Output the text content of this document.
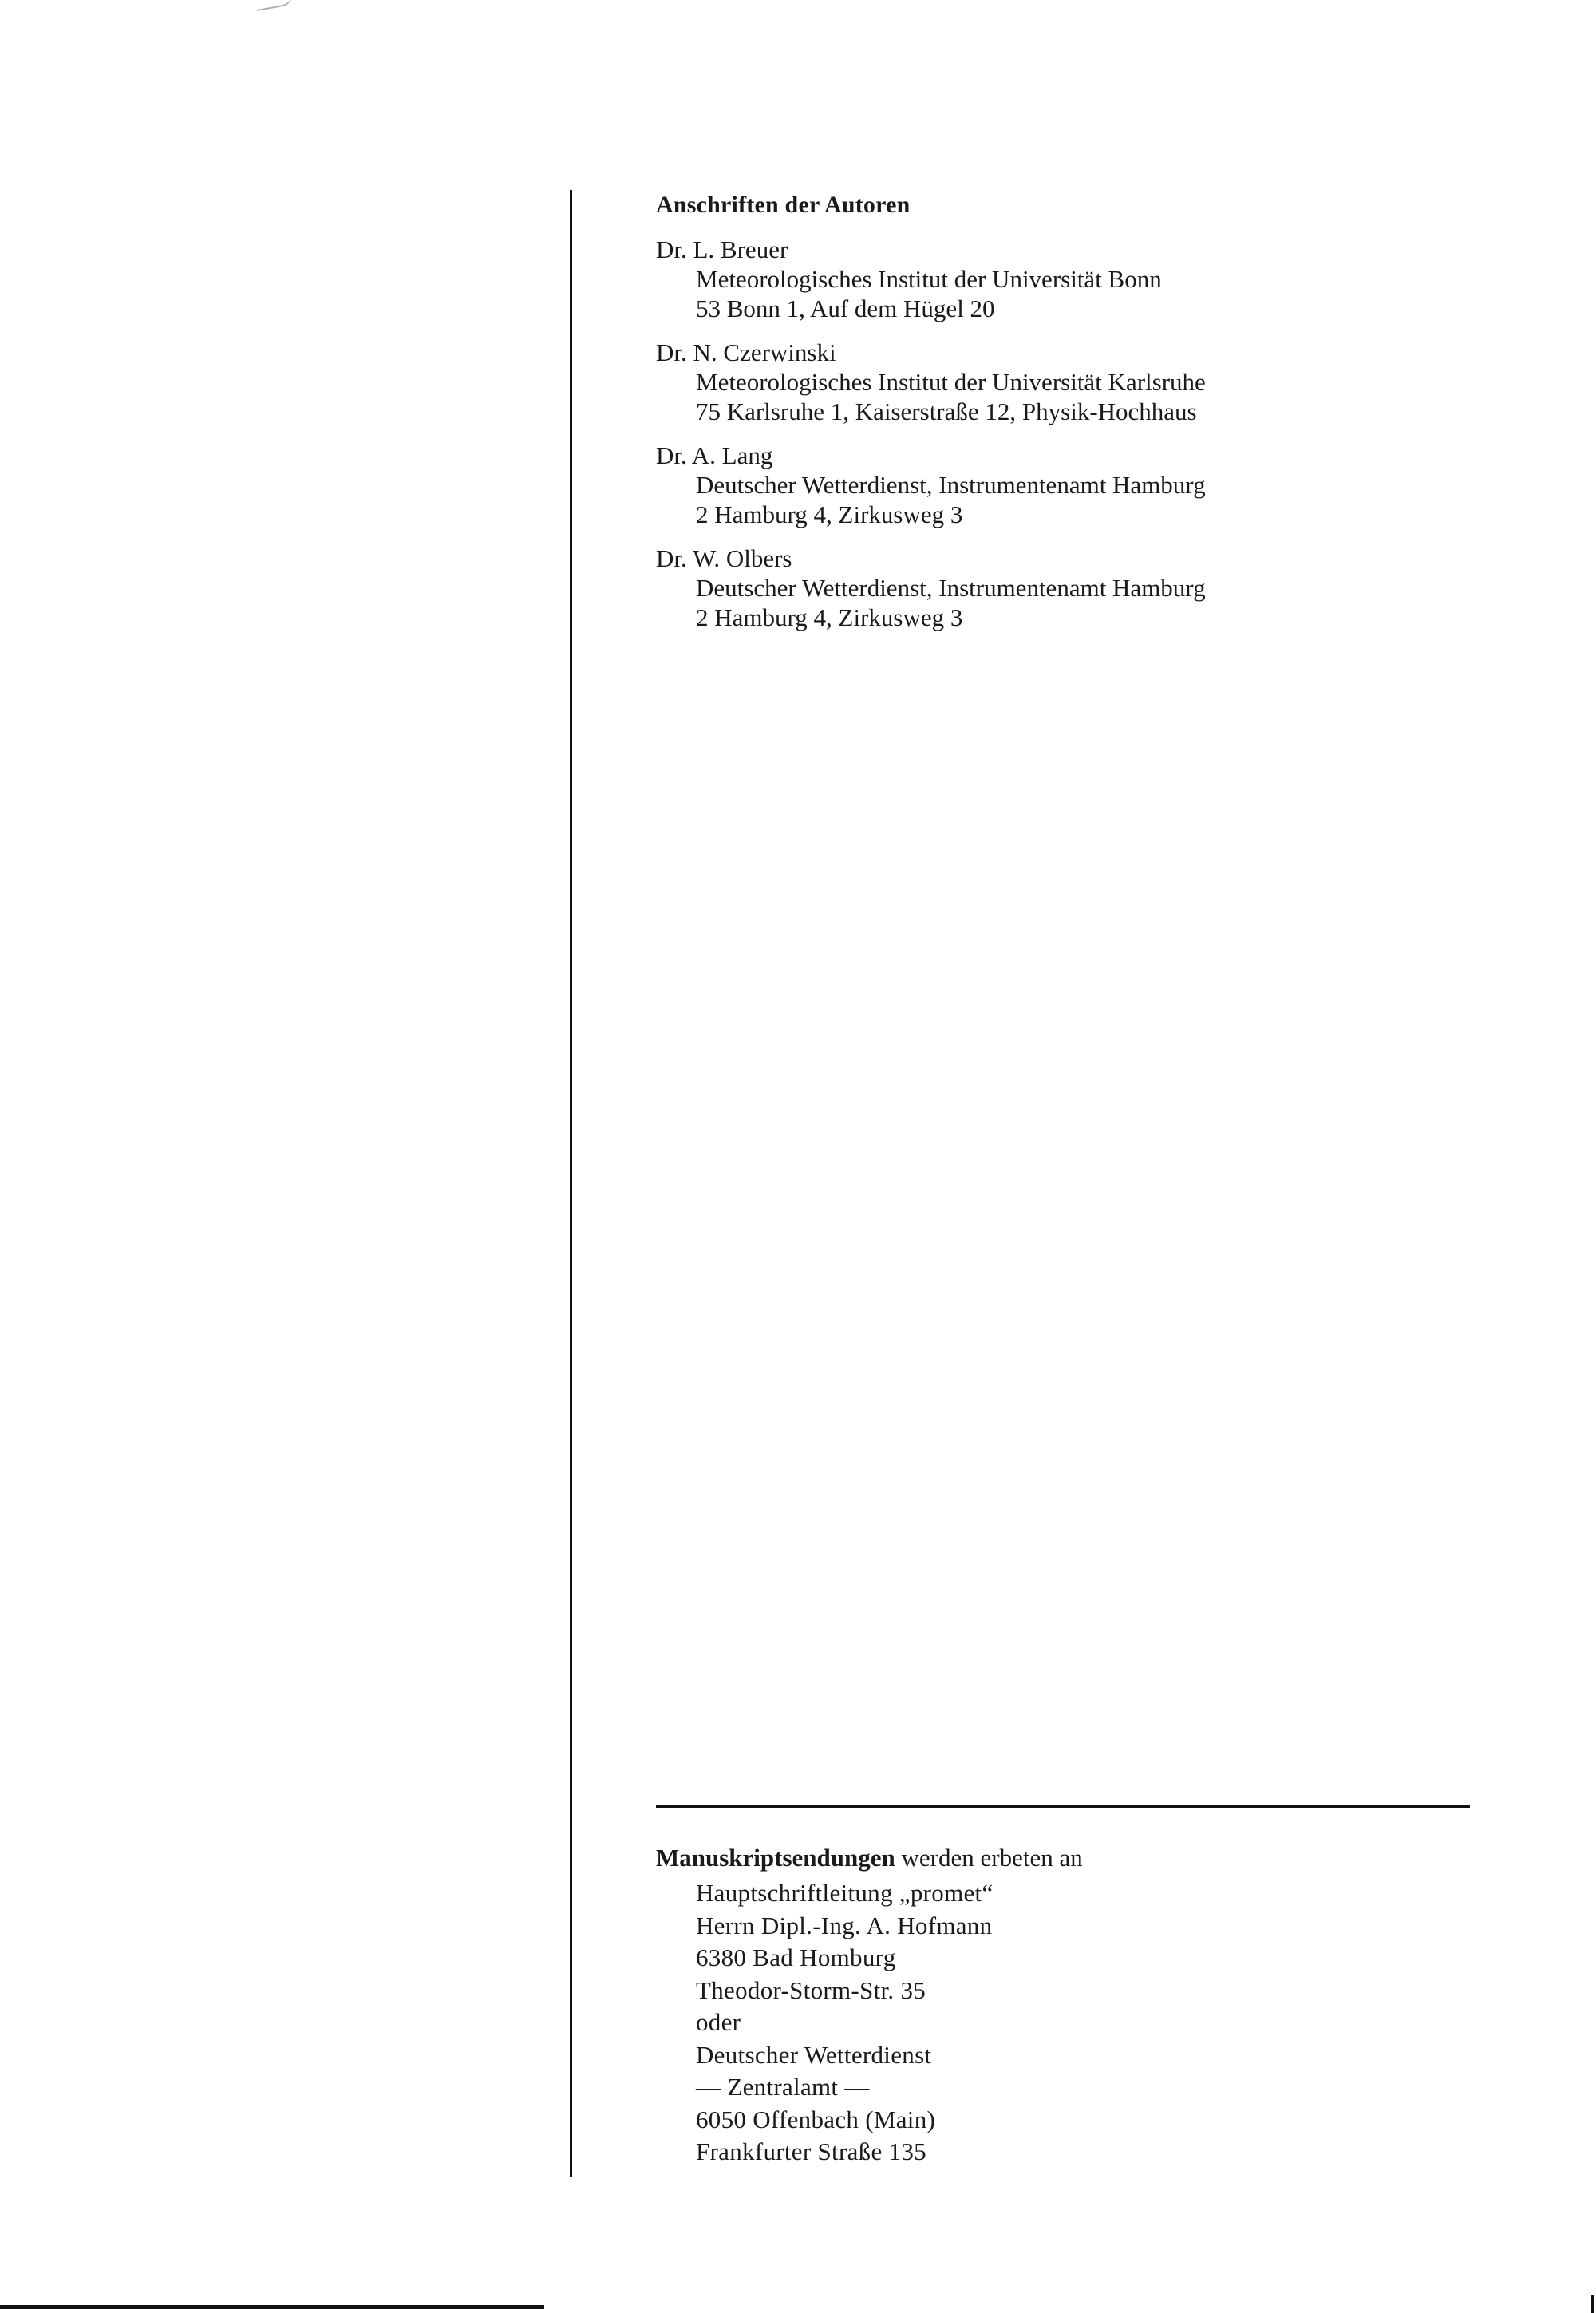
Anschriften der Autoren
Dr. L. Breuer
Meteorologisches Institut der Universität Bonn
53 Bonn 1, Auf dem Hügel 20
Dr. N. Czerwinski
Meteorologisches Institut der Universität Karlsruhe
75 Karlsruhe 1, Kaiserstraße 12, Physik-Hochhaus
Dr. A. Lang
Deutscher Wetterdienst, Instrumentenamt Hamburg
2 Hamburg 4, Zirkusweg 3
Dr. W. Olbers
Deutscher Wetterdienst, Instrumentenamt Hamburg
2 Hamburg 4, Zirkusweg 3

Manuskriptsendungen werden erbeten an

Hauptschriftleitung „promet“
Herrn Dipl.-Ing. A. Hofmann
6380 Bad Homburg
Theodor-Storm-Str. 35
oder
Deutscher Wetterdienst
— Zentralamt —
6050 Offenbach (Main)
Frankfurter Straße 135
